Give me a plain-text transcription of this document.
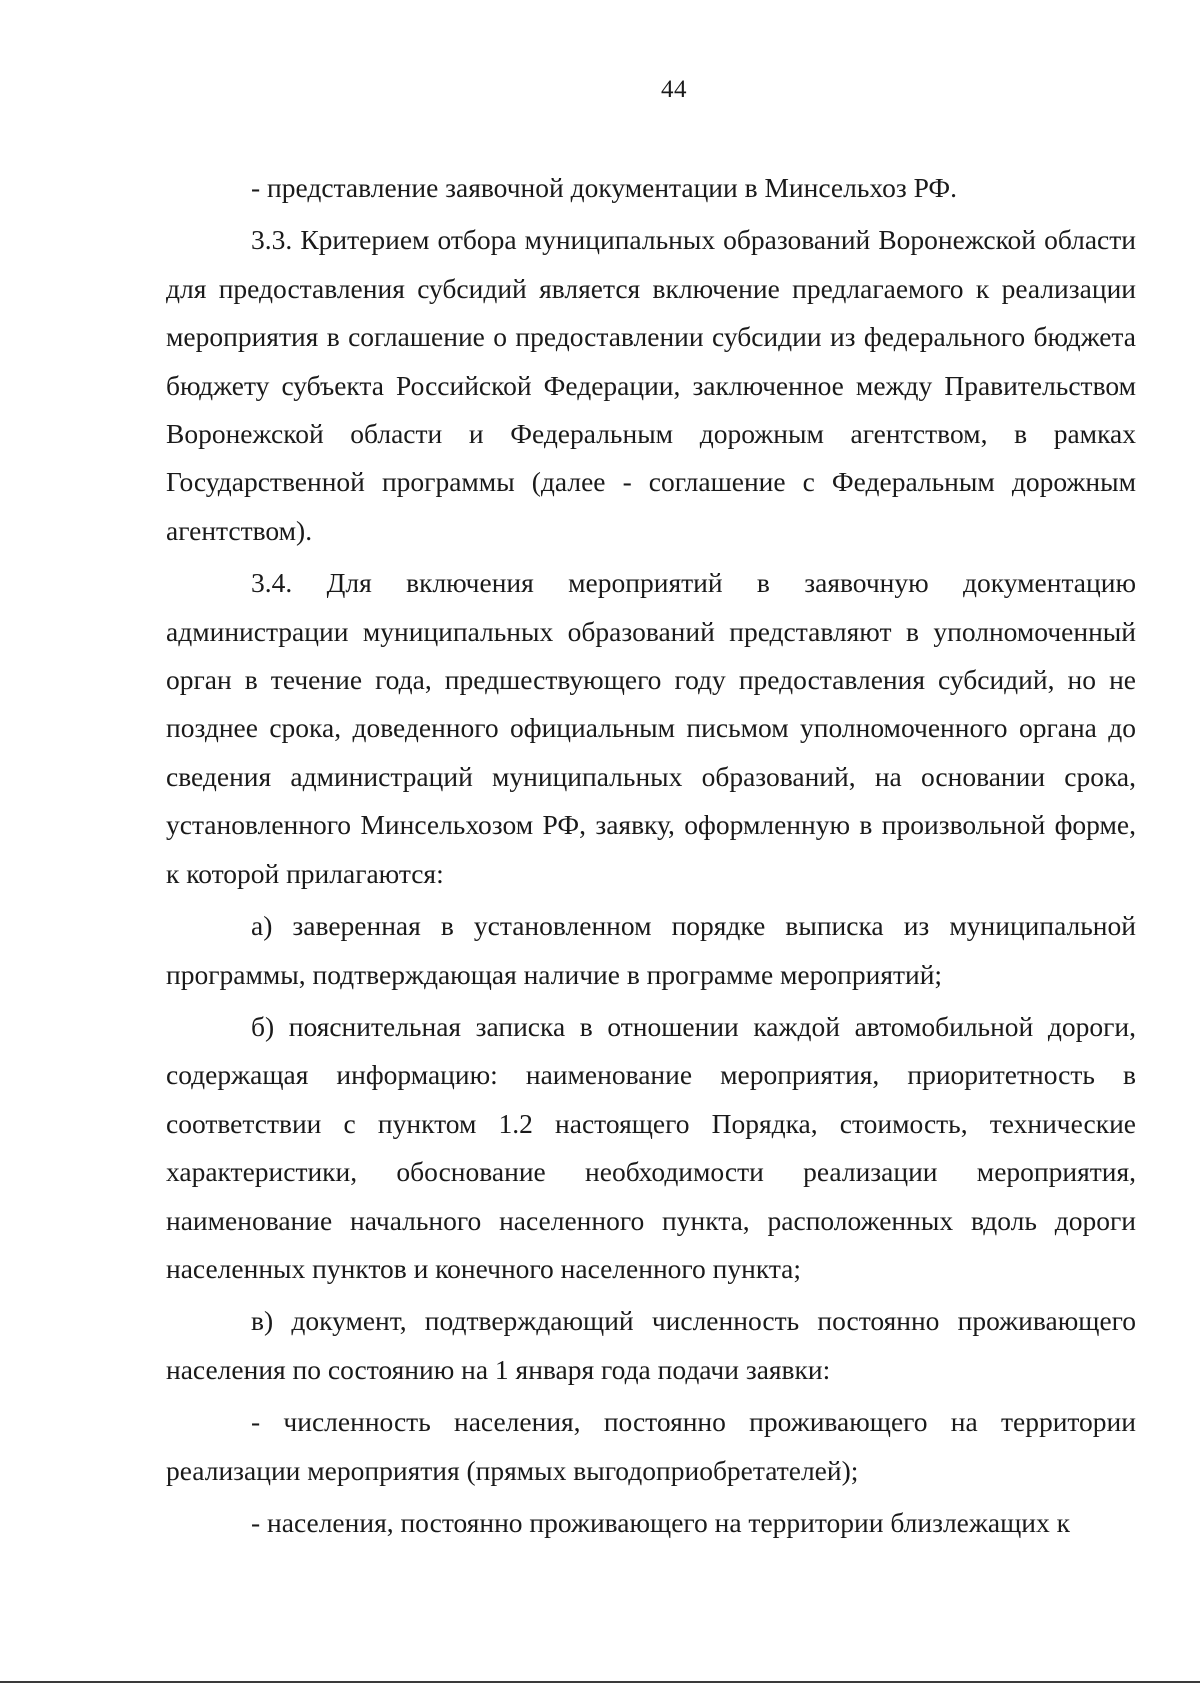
44

- представление заявочной документации в Минсельхоз РФ.

3.3. Критерием отбора муниципальных образований Воронежской области для предоставления субсидий является включение предлагаемого к реализации мероприятия в соглашение о предоставлении субсидии из федерального бюджета бюджету субъекта Российской Федерации, заключенное между Правительством Воронежской области и Федеральным дорожным агентством, в рамках Государственной программы (далее - соглашение с Федеральным дорожным агентством).

3.4. Для включения мероприятий в заявочную документацию администрации муниципальных образований представляют в уполномоченный орган в течение года, предшествующего году предоставления субсидий, но не позднее срока, доведенного официальным письмом уполномоченного органа до сведения администраций муниципальных образований, на основании срока, установленного Минсельхозом РФ, заявку, оформленную в произвольной форме, к которой прилагаются:

а) заверенная в установленном порядке выписка из муниципальной программы, подтверждающая наличие в программе мероприятий;

б) пояснительная записка в отношении каждой автомобильной дороги, содержащая информацию: наименование мероприятия, приоритетность в соответствии с пунктом 1.2 настоящего Порядка, стоимость, технические характеристики, обоснование необходимости реализации мероприятия, наименование начального населенного пункта, расположенных вдоль дороги населенных пунктов и конечного населенного пункта;

в) документ, подтверждающий численность постоянно проживающего населения по состоянию на 1 января года подачи заявки:

- численность населения, постоянно проживающего на территории реализации мероприятия (прямых выгодоприобретателей);

- населения, постоянно проживающего на территории близлежащих к
